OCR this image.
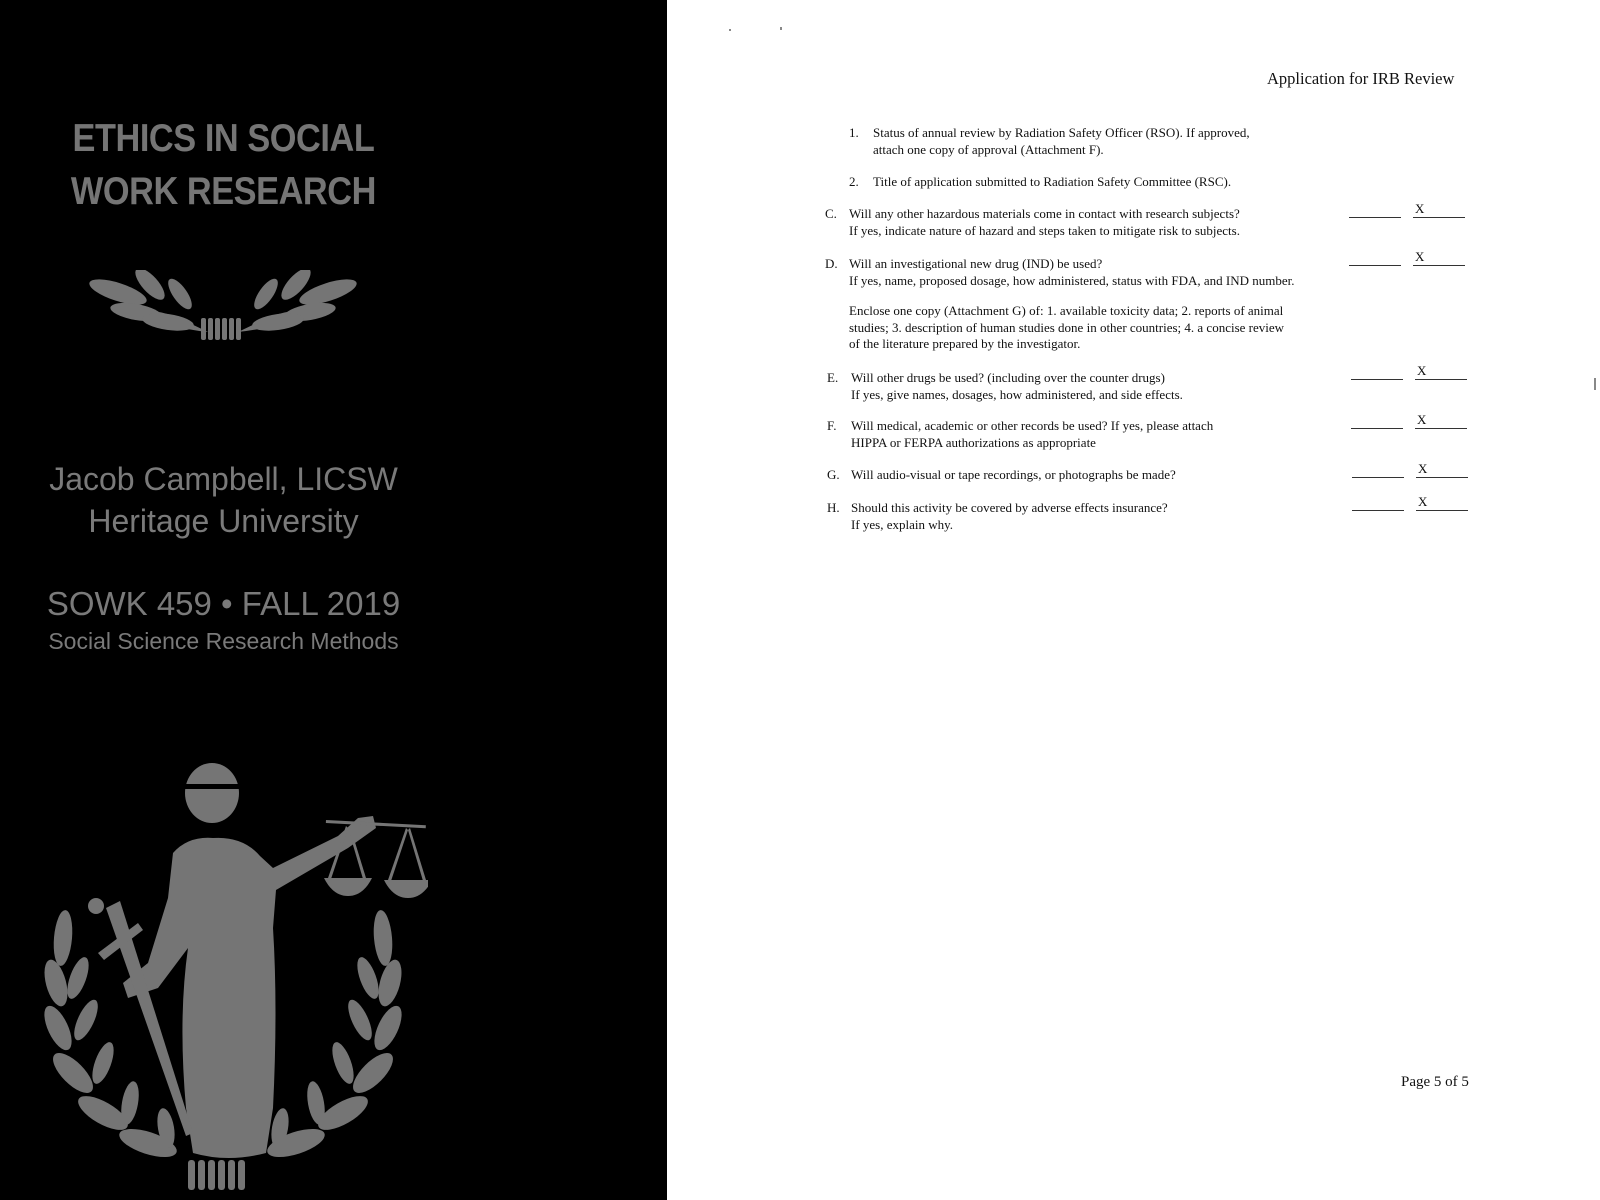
ETHICS IN SOCIAL
WORK RESEARCH
Jacob Campbell, LICSW
Heritage University
SOWK 459 • FALL 2019
Social Science Research Methods
Application for IRB Review
1. Status of annual review by Radiation Safety Officer (RSO). If approved,
attach one copy of approval (Attachment F).
2. Title of application submitted to Radiation Safety Committee (RSC).
C. Will any other hazardous materials come in contact with research subjects?
If yes, indicate nature of hazard and steps taken to mitigate risk to subjects.
X
D. Will an investigational new drug (IND) be used?
If yes, name, proposed dosage, how administered, status with FDA, and IND number.
X
Enclose one copy (Attachment G) of: 1. available toxicity data; 2. reports of animal
studies; 3. description of human studies done in other countries; 4. a concise review
of the literature prepared by the investigator.
E. Will other drugs be used? (including over the counter drugs)
If yes, give names, dosages, how administered, and side effects.
X
F. Will medical, academic or other records be used? If yes, please attach
HIPPA or FERPA authorizations as appropriate
X
G. Will audio-visual or tape recordings, or photographs be made?	X
H. Should this activity be covered by adverse effects insurance?
If yes, explain why.
X
Page 5 of 5
